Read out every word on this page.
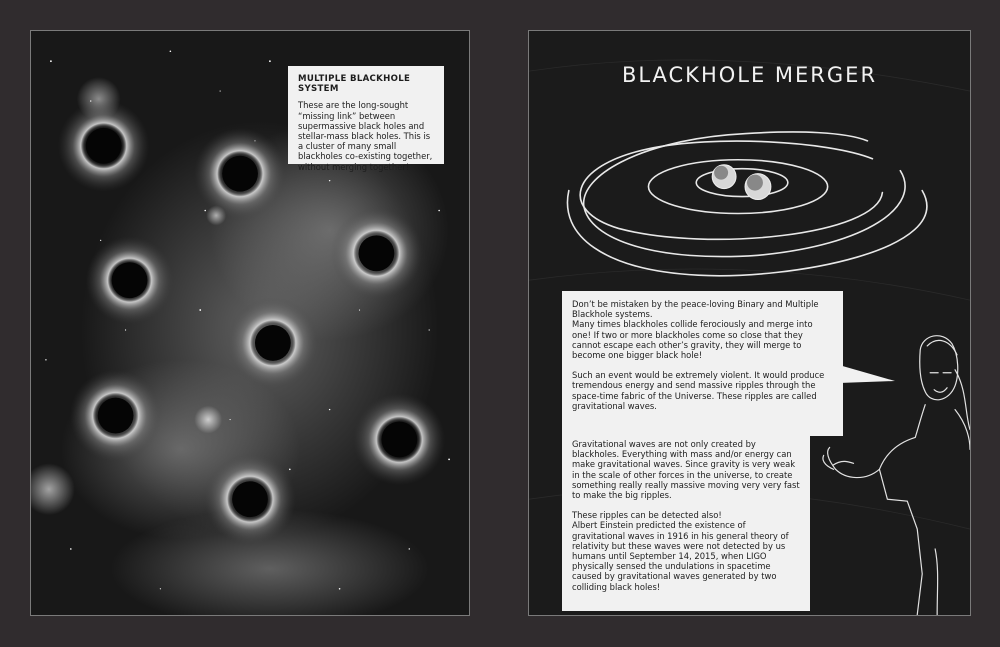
MULTIPLE BLACKHOLE SYSTEM

These are the long-sought “missing link” between supermassive black holes and stellar-mass black holes. This is a cluster of many small blackholes co-existing together, without merging together!

BLACKHOLE MERGER

Don’t be mistaken by the peace-loving Binary and Multiple Blackhole systems.

Many times blackholes collide ferociously and merge into one! If two or more blackholes come so close that they cannot escape each other’s gravity, they will merge to become one bigger black hole!

Such an event would be extremely violent. It would produce tremendous energy and send massive ripples through the space-time fabric of the Universe. These ripples are called gravitational waves.

Gravitational waves are not only created by blackholes. Everything with mass and/or energy can make gravitational waves. Since gravity is very weak in the scale of other forces in the universe, to create something really really massive moving very very fast to make the big ripples.

These ripples can be detected also!

Albert Einstein predicted the existence of gravitational waves in 1916 in his general theory of relativity but these waves were not detected by us humans until September 14, 2015, when LIGO physically sensed the undulations in spacetime caused by gravitational waves generated by two colliding black holes!
